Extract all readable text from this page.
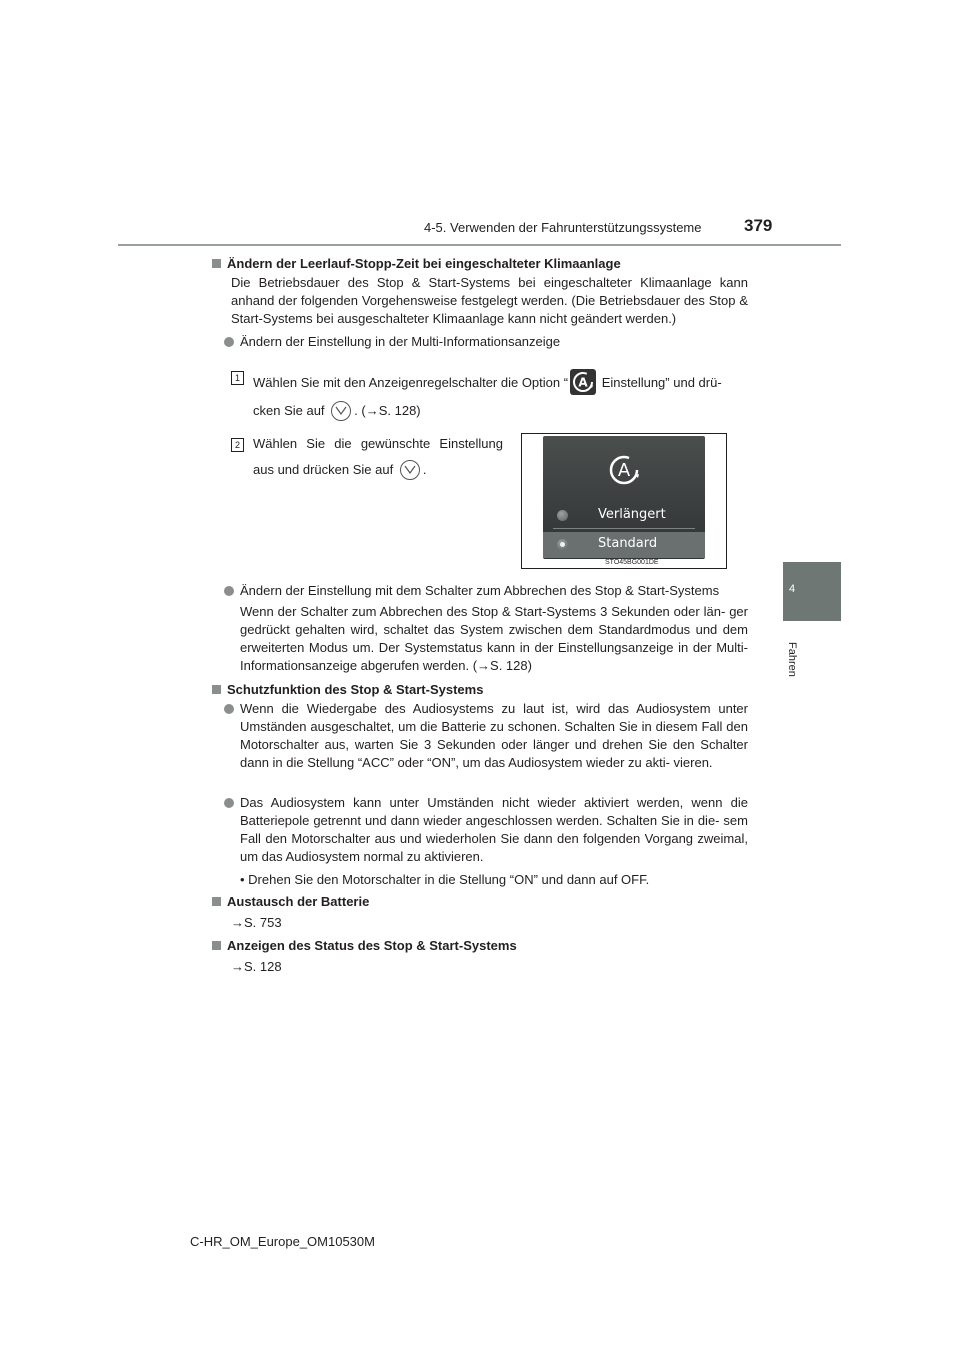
4-5. Verwenden der Fahrunterstützungssysteme	379
4
Fahren
Ändern der Leerlauf-Stopp-Zeit bei eingeschalteter Klimaanlage
Die Betriebsdauer des Stop & Start-Systems bei eingeschalteter Klimaanlage kann anhand der folgenden Vorgehensweise festgelegt werden. (Die Betriebsdauer des Stop & Start-Systems bei ausgeschalteter Klimaanlage kann nicht geändert werden.)
Ändern der Einstellung in der Multi-Informationsanzeige
1	Wählen Sie mit den Anzeigenregelschalter die Option “ A Einstellung” und drü-
cken Sie auf . (→S. 128)
2	Wählen Sie die gewünschte Einstellung
aus und drücken Sie auf .	A
Verlängert
Standard
STO45BG001DE
Ändern der Einstellung mit dem Schalter zum Abbrechen des Stop & Start-Systems
Wenn der Schalter zum Abbrechen des Stop & Start-Systems 3 Sekunden oder län- ger gedrückt gehalten wird, schaltet das System zwischen dem Standardmodus und dem erweiterten Modus um. Der Systemstatus kann in der Einstellungsanzeige in der Multi-Informationsanzeige abgerufen werden. (→S. 128)
Schutzfunktion des Stop & Start-Systems
Wenn die Wiedergabe des Audiosystems zu laut ist, wird das Audiosystem unter Umständen ausgeschaltet, um die Batterie zu schonen. Schalten Sie in diesem Fall den Motorschalter aus, warten Sie 3 Sekunden oder länger und drehen Sie den Schalter dann in die Stellung “ACC” oder “ON”, um das Audiosystem wieder zu akti- vieren.
Das Audiosystem kann unter Umständen nicht wieder aktiviert werden, wenn die Batteriepole getrennt und dann wieder angeschlossen werden. Schalten Sie in die- sem Fall den Motorschalter aus und wiederholen Sie dann den folgenden Vorgang zweimal, um das Audiosystem normal zu aktivieren.
• Drehen Sie den Motorschalter in die Stellung “ON” und dann auf OFF.
Austausch der Batterie
→S. 753
Anzeigen des Status des Stop & Start-Systems
→S. 128
C-HR_OM_Europe_OM10530M
